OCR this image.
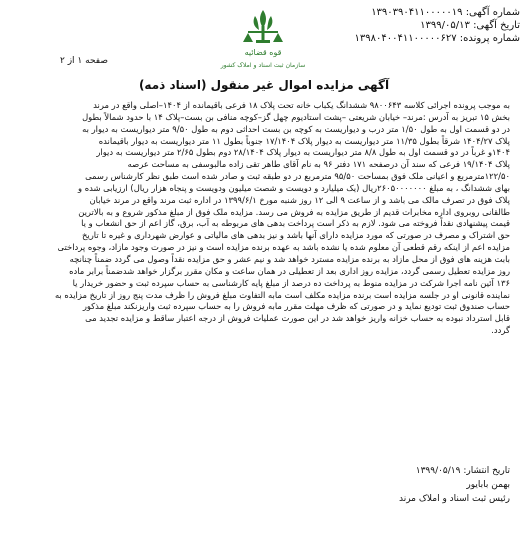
قوه قضائیه
سازمان ثبت اسناد و املاک کشور
شماره آگهی: ۱۳۹۰۳۹۰۴۱۱۰۰۰۰۰۱۹
تاریخ آگهی: ۱۳۹۹/۰۵/۱۳
شماره پرونده: ۱۳۹۸۰۴۰۰۴۱۱۰۰۰۰۰۶۲۷
صفحه ۱ از ۲
آگهی مزایده اموال غیر منقول (اسناد ذمه)

به موجب پرونده اجرائی کلاسه ۹۸۰۰۶۴۳ ششدانگ یکباب خانه تحت پلاک ۱۸ فرعی باقیمانده از ۱۴۰۴–اصلی واقع در مرند

بخش ۱۵ تبریز به آدرس :مرند– خیابان شریعتی –پشت استادیوم چهل گز–کوچه منافی بن بست–پلاک ۱۴ با حدود شمالاً بطول

در دو قسمت اول به طول ۱/۵۰ متر درب و دیواریست به کوچه بن بست احداثی دوم به طول ۹/۵۰ متر دیواریست به دیوار به

پلاک ۱۴۰۴/۲۷ شرقاً بطول ۱۱/۳۵ متر دیواریست به دیوار پلاک ۱۷/۱۴۰۴ جنوباً بطول ۱۱ متر دیواریست به دیوار باقیمانده

۱۴۰۴و غرباً در دو قسمت اول به طول ۸/۸ متر دیواریست به دیوار پلاک ۲۸/۱۴۰۴ دوم بطول ۲/۶۵ متر دیواریست به دیوار

پلاک ۱۹/۱۴۰۴ فرعی که سند آن درصفحه ۱۷۱ دفتر ۹۶ به نام آقای طاهر تقی زاده مالبوسفی به مساحت عرصه

۱۲۲/۵۰مترمربع و اعیانی ملک فوق بمساحت ۹۵/۵۰ مترمربع در دو طبقه ثبت و صادر شده است طبق نظر کارشناس رسمی

بهای ششدانگ ، به مبلغ ۲۶۰۵۰۰۰۰۰۰۰ریال (یک میلیارد و دویست و شصت میلیون ودویست و پنجاه هزار ریال) ارزیابی شده و

پلاک فوق در تصرف مالک می باشد و از ساعت ۹ الی ۱۲ روز شنبه مورخ ۱۳۹۹/۶/۱ در اداره ثبت مرند واقع در مرند خیابان

طالقانی روبروی اداره مخابرات قدیم از طریق مزایده به فروش می رسد. مزایده ملک فوق از مبلغ مذکور شروع و به بالاترین

قیمت پیشنهادی نقداً فروخته می شود. لازم به ذکر است پرداخت بدهی های مربوطه به آب، برق، گاز اعم از حق انشعاب و یا

حق اشتراک و مصرف در صورتی که مورد مزایده دارای آنها باشد و نیز بدهی های مالیاتی و عوارض شهرداری و غیره تا تاریخ

مزایده اعم از اینکه رقم قطعی آن معلوم شده یا نشده باشد به عهده برنده مزایده است و نیز در صورت وجود مازاد، وجوه پرداختی

بابت هزینه های فوق از محل مازاد به برنده مزایده مسترد خواهد شد و نیم عشر و حق مزایده نقداً وصول می گردد ضمناً چنانچه

روز مزایده تعطیل رسمی گردد، مزایده روز اداری بعد از تعطیلی در همان ساعت و مکان مقرر برگزار خواهد شدضمناً برابر ماده

۱۳۶ آئین نامه اجرا شرکت در مزایده منوط به پرداخت ده درصد از مبلغ پایه کارشناسی به حساب سپرده ثبت و حضور خریدار یا

نماینده قانونی او در جلسه مزایده است برنده مزایده مکلف است مابه التفاوت مبلغ فروش را ظرف مدت پنج روز از تاریخ مزایده به

حساب صندوق ثبت تودیع نماید و در صورتی که ظرف مهلت مقرر مابه فروش را به حساب سپرده ثبت واریزنکند مبلغ مذکور

قابل استرداد نبوده به حساب خزانه واریز خواهد شد در این صورت عملیات فروش از درجه اعتبار ساقط و مزایده تجدید می

گردد.

تاریخ انتشار: ۱۳۹۹/۰۵/۱۹
بهمن بابایور
رئیس ثبت اسناد و املاک مرند
